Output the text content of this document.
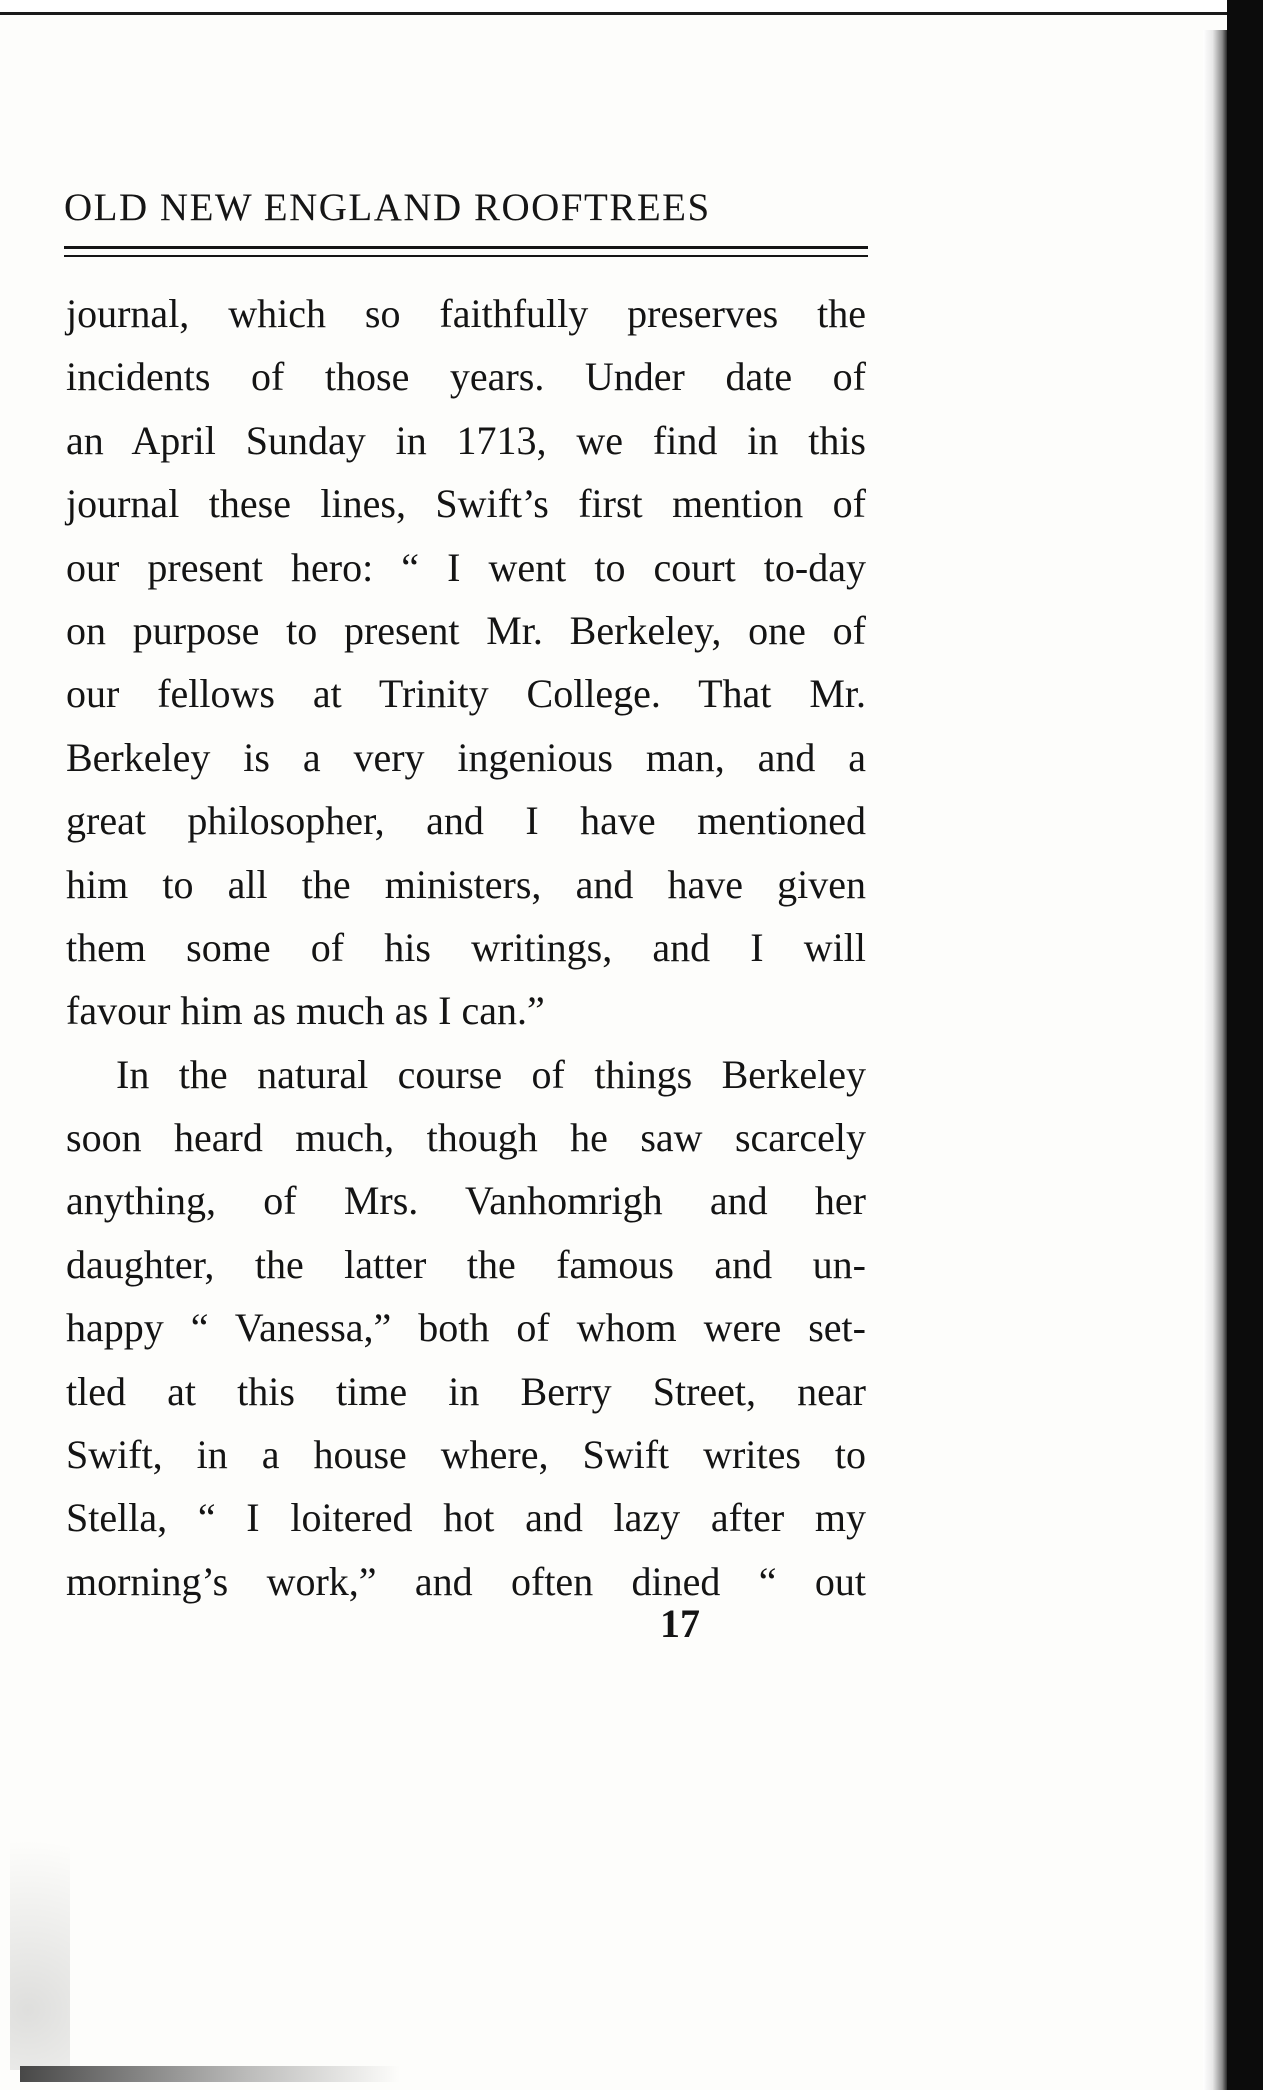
OLD NEW ENGLAND ROOFTREES
journal, which so faithfully preserves the
incidents of those years. Under date of
an April Sunday in 1713, we find in this
journal these lines, Swift’s first mention of
our present hero: “ I went to court to-day
on purpose to present Mr. Berkeley, one of
our fellows at Trinity College. That Mr.
Berkeley is a very ingenious man, and a
great philosopher, and I have mentioned
him to all the ministers, and have given
them some of his writings, and I will
favour him as much as I can.”
In the natural course of things Berkeley
soon heard much, though he saw scarcely
anything, of Mrs. Vanhomrigh and her
daughter, the latter the famous and un-
happy “ Vanessa,” both of whom were set-
tled at this time in Berry Street, near
Swift, in a house where, Swift writes to
Stella, “ I loitered hot and lazy after my
morning’s work,” and often dined “ out
17
